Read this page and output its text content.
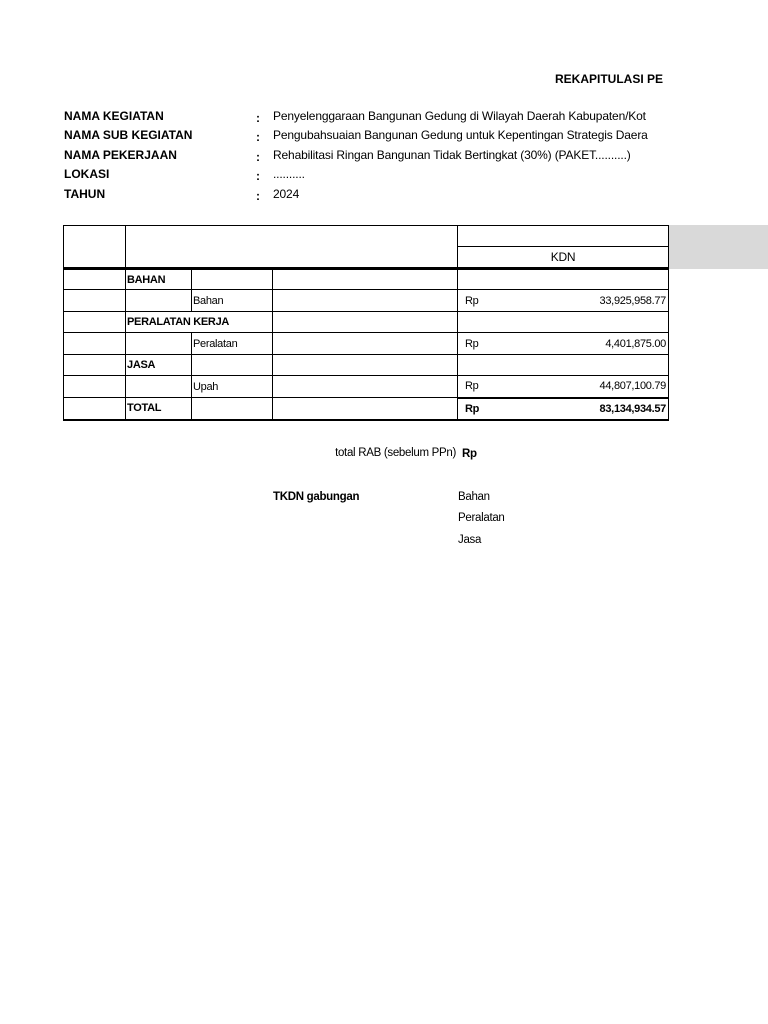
REKAPITULASI PE
NAMA KEGIATAN	: Penyelenggaraan Bangunan Gedung di Wilayah Daerah Kabupaten/Kot
NAMA SUB KEGIATAN	: Pengubahsuaian Bangunan Gedung untuk Kepentingan Strategis Daera
NAMA PEKERJAAN	: Rehabilitasi Ringan Bangunan Tidak Bertingkat (30%) (PAKET..........)
LOKASI	: ..........
TAHUN	: 2024

				KDN
	BAHAN			
		Bahan		Rp 33,925,958.77

	PERALATAN KERJA			
		Peralatan		Rp 4,401,875.00

	JASA			
		Upah		Rp 44,807,100.79

	TOTAL			Rp 83,134,934.57
total RAB (sebelum PPn) Rp
TKDN gabungan	Bahan
Peralatan
Jasa
